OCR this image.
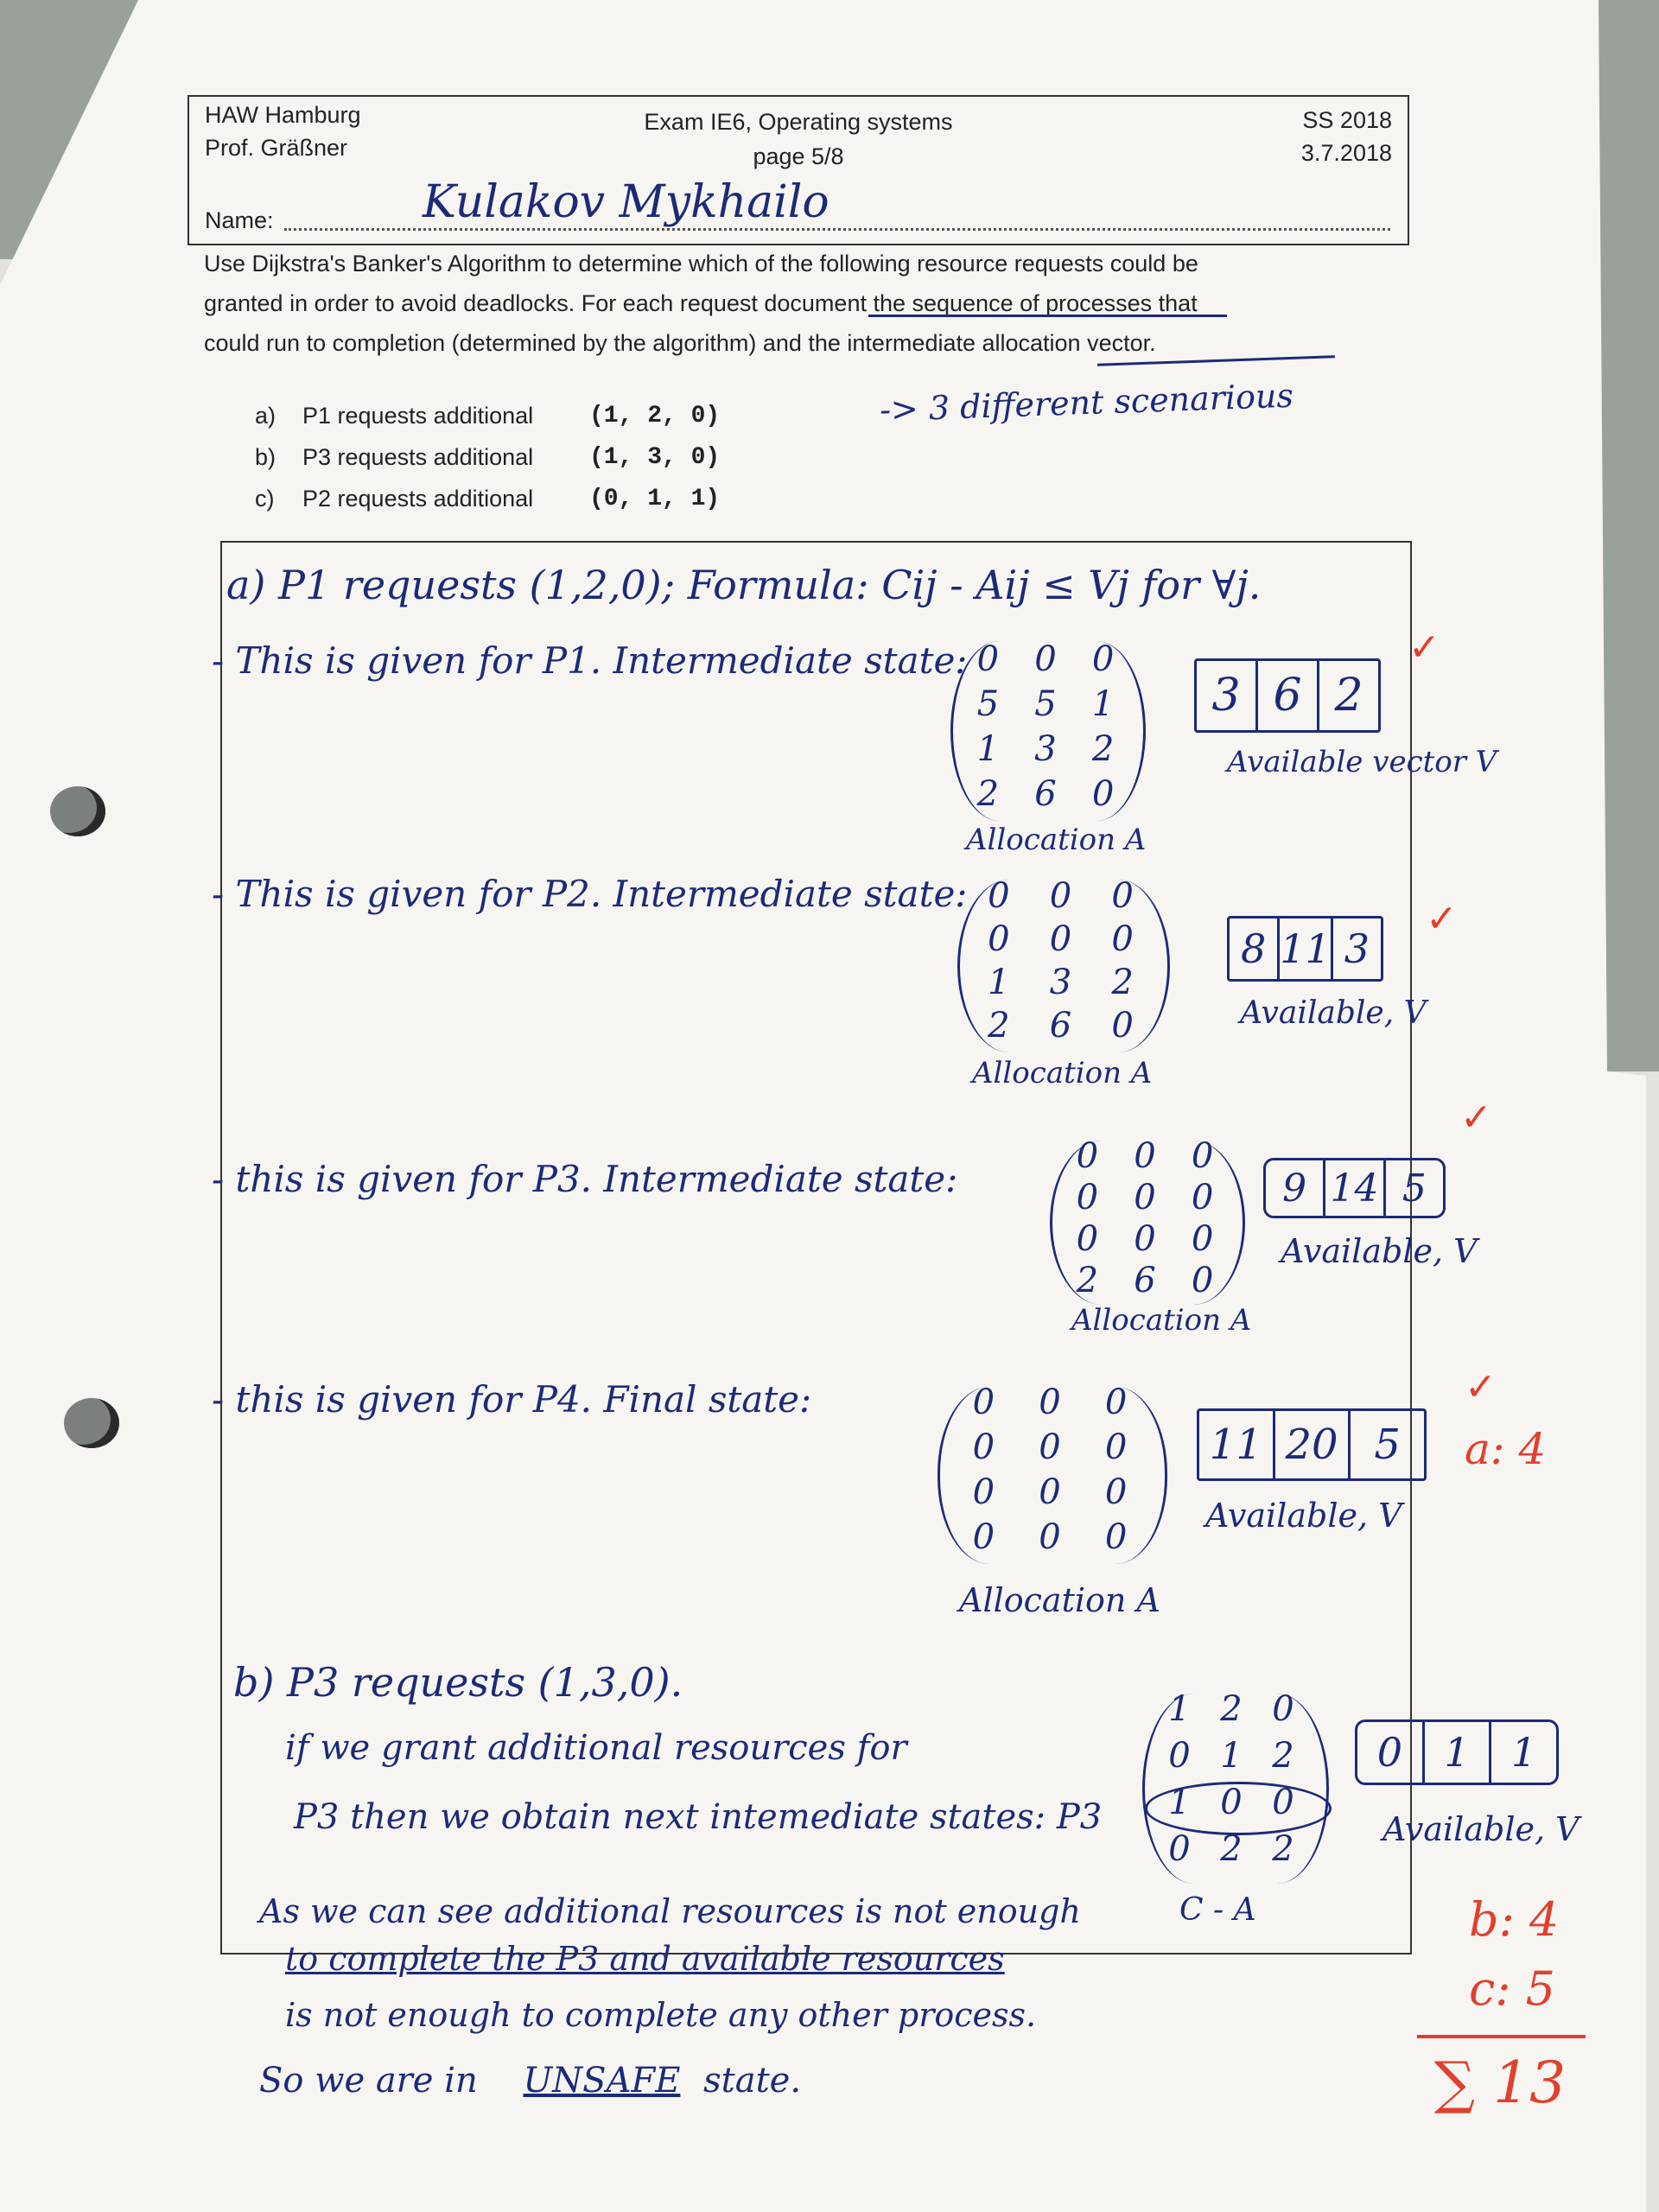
HAW Hamburg
Prof. Gräßner
Exam IE6, Operating systems
page 5/8
SS 2018
3.7.2018
Name:	Kulakov Mykhailo
Use Dijkstra's Banker's Algorithm to determine which of the following resource requests could be
granted in order to avoid deadlocks. For each request document the sequence of processes that
could run to completion (determined by the algorithm) and the intermediate allocation vector.
a) P1 requests additional (1, 2, 0)
b) P3 requests additional (1, 3, 0)
c) P2 requests additional (0, 1, 1)
-> 3 different scenarious
a) P1 requests (1,2,0); Formula: Cij - Aij ≤ Vj for ∀j.
- This is given for P1. Intermediate state: 0	0	0
5	5	1
1	3	2
2	6	0
Allocation A
3 6 2
Available vector V
✓
- This is given for P2. Intermediate state: 0	0	0
0	0	0
1	3	2
2	6	0
Allocation A
8 11 3
Available, V
✓
- this is given for P3. Intermediate state:
0	0	0
0	0	0
0	0	0
2	6	0
Allocation A
9 14 5
Available, V
✓
- this is given for P4. Final state:	0	0	0
0	0	0
0	0	0
0	0	0
Allocation A
11 20 5
Available, V
✓
a: 4
b) P3 requests (1,3,0).
if we grant additional resources for
P3 then we obtain next intemediate states: P3
1 2 0
0 1 2
1 0 0
0 2 2
C - A
0	1	1
Available, V
As we can see additional resources is not enough
to complete the P3 and available resources
is not enough to complete any other process.
So we are in UNSAFE state.
b: 4
c: 5
∑ 13
